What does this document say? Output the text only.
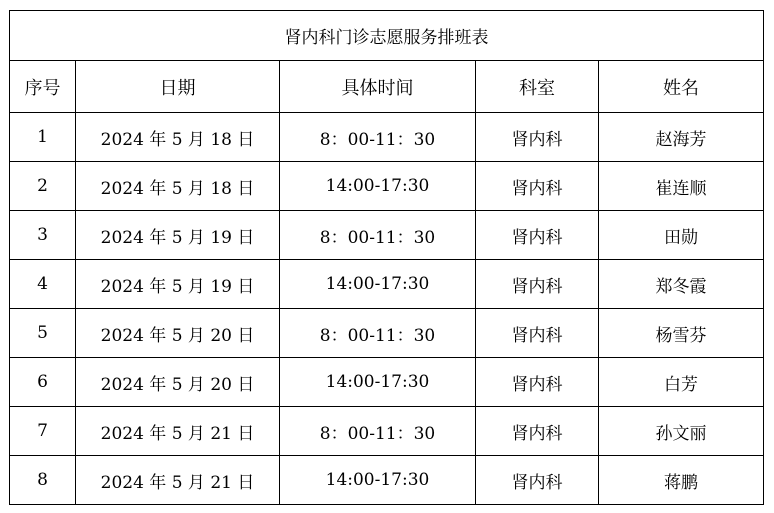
肾内科门诊志愿服务排班表				
序号	日期	具体时间	科室	姓名
1	2024 年 5 月 18 日	8：00-11：30	肾内科	赵海芳
2	2024 年 5 月 18 日	14:00-17:30	肾内科	崔连顺
3	2024 年 5 月 19 日	8：00-11：30	肾内科	田勋
4	2024 年 5 月 19 日	14:00-17:30	肾内科	郑冬霞
5	2024 年 5 月 20 日	8：00-11：30	肾内科	杨雪芬
6	2024 年 5 月 20 日	14:00-17:30	肾内科	白芳
7	2024 年 5 月 21 日	8：00-11：30	肾内科	孙文丽
8	2024 年 5 月 21 日	14:00-17:30	肾内科	蒋鹏
